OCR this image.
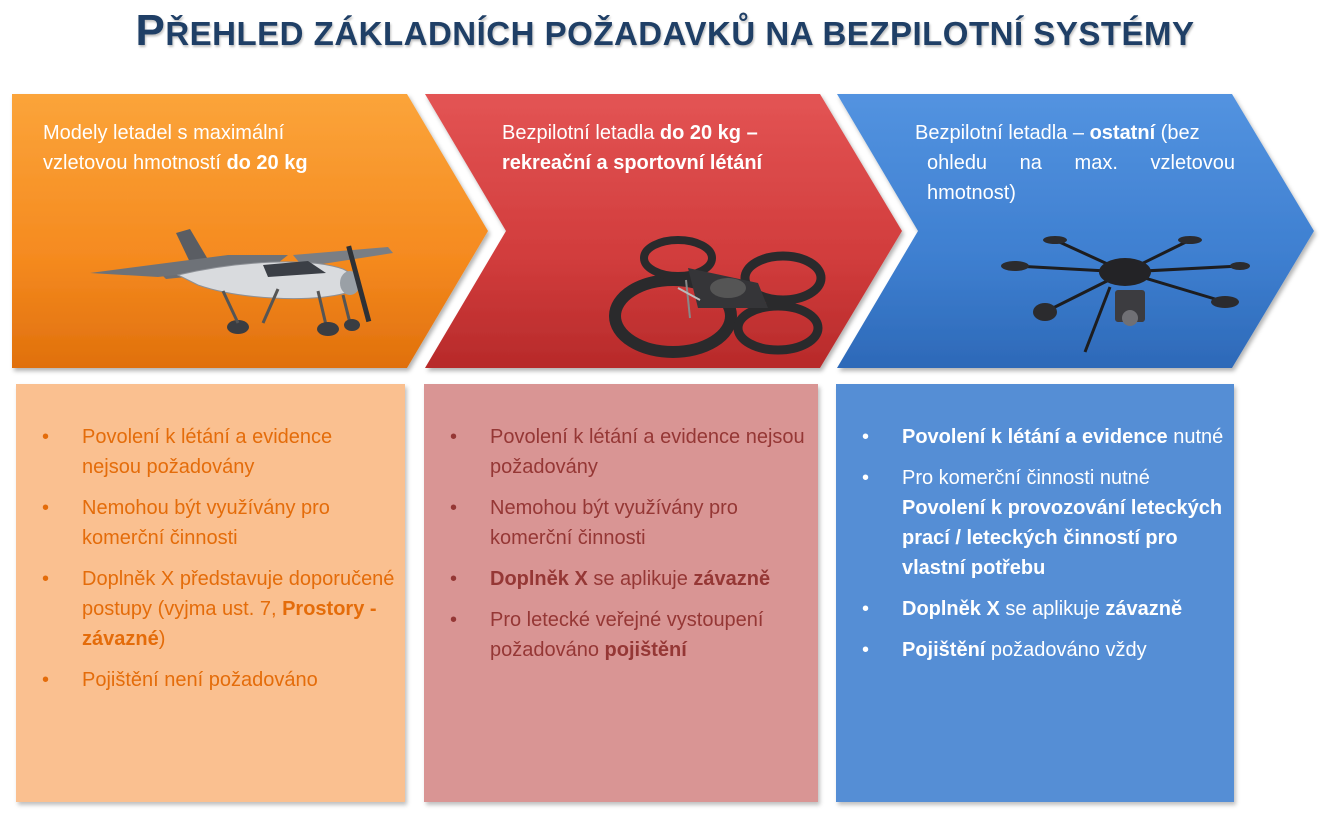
PŘEHLED ZÁKLADNÍCH POŽADAVKŮ NA BEZPILOTNÍ SYSTÉMY
Modely letadel s maximální
vzletovou hmotností do 20 kg
Bezpilotní letadla do 20 kg –
rekreační a sportovní létání
Bezpilotní letadla – ostatní (bez
ohledu na max. vzletovou
hmotnost)
• Povolení k létání a evidence nejsou požadovány
• Nemohou být využívány pro komerční činnosti
• Doplněk X představuje doporučené postupy (vyjma ust. 7, Prostory - závazné)
• Pojištění není požadováno
• Povolení k létání a evidence nejsou požadovány
• Nemohou být využívány pro komerční činnosti
• Doplněk X se aplikuje závazně
• Pro letecké veřejné vystoupení požadováno pojištění
• Povolení k létání a evidence nutné
• Pro komerční činnosti nutné Povolení k provozování leteckých prací / leteckých činností pro vlastní potřebu
• Doplněk X se aplikuje závazně
• Pojištění požadováno vždy
